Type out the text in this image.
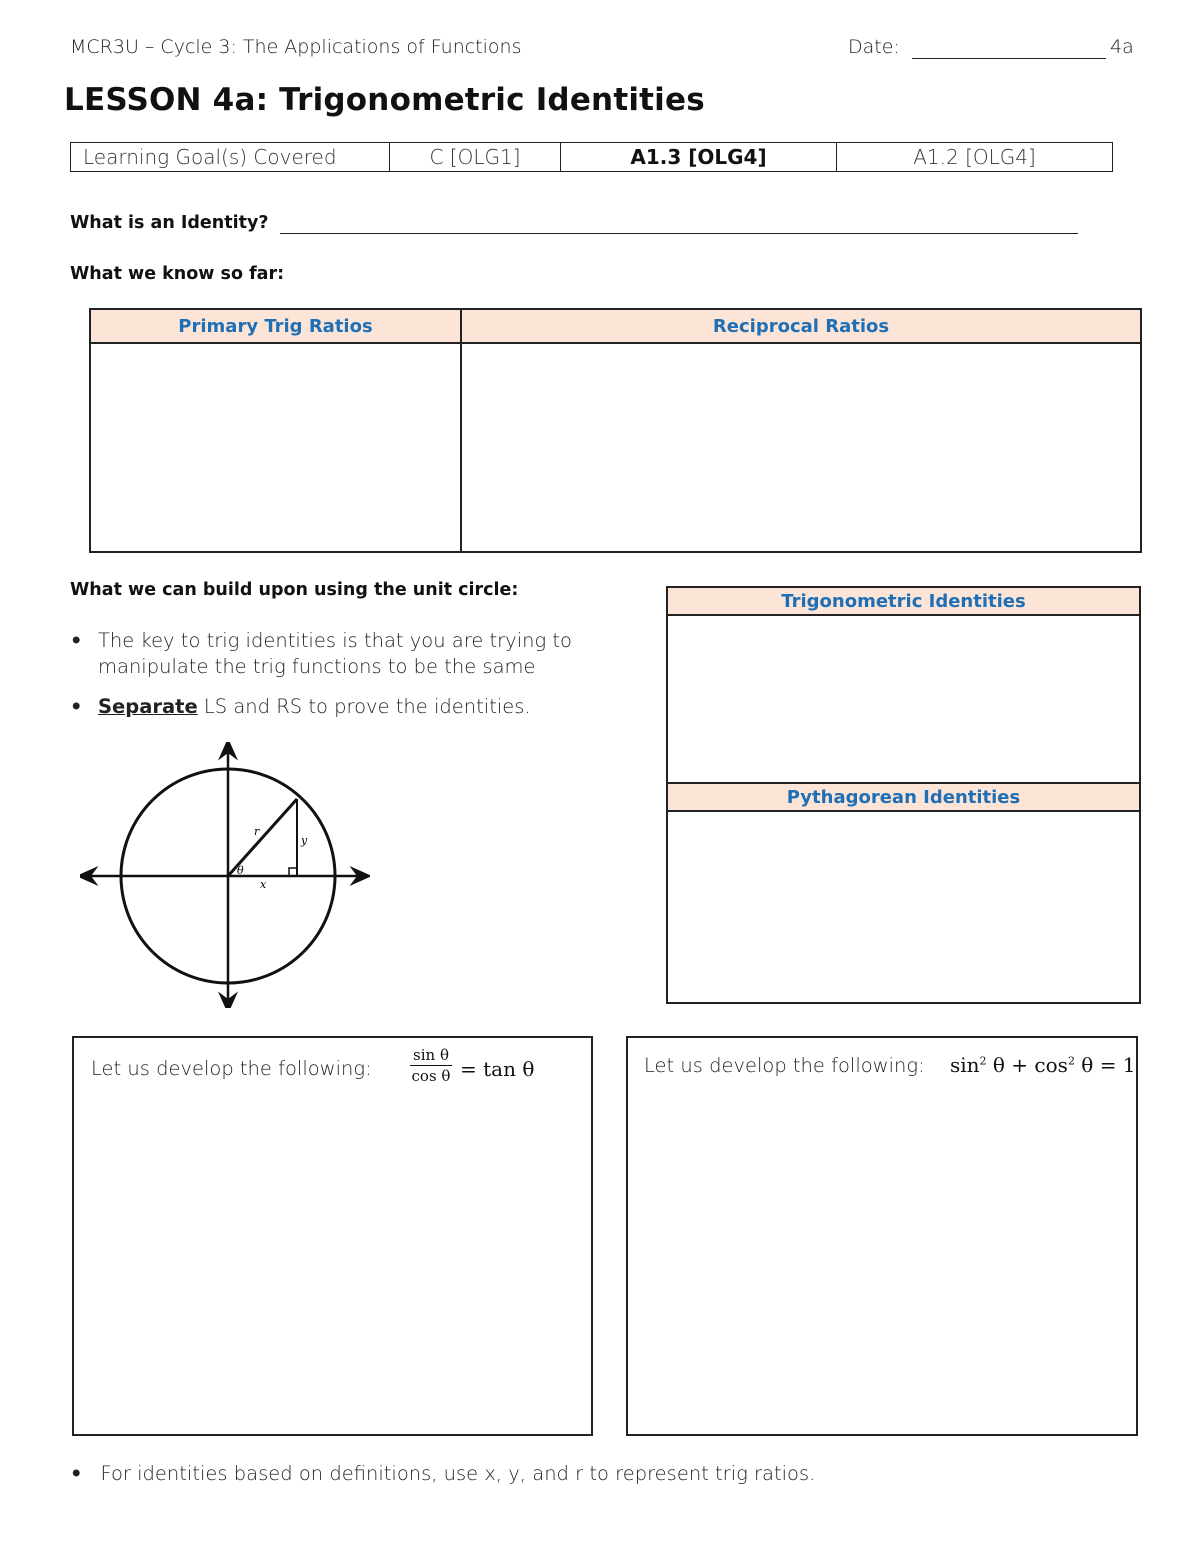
MCR3U – Cycle 3: The Applications of Functions	Date:	4a
LESSON 4a: Trigonometric Identities
Learning Goal(s) Covered	C [OLG1]	A1.3 [OLG4]	A1.2 [OLG4]
What is an Identity?
What we know so far:
Primary Trig Ratios	Reciprocal Ratios
What we can build upon using the unit circle:
• The key to trig identities is that you are trying to manipulate the trig functions to be the same
• Separate LS and RS to prove the identities.
r
y
x
θ
Trigonometric Identities
Pythagorean Identities
Let us develop the following:	$\frac{\text{sin θ}}{\text{cos θ}} = \tan \theta$	Let us develop the following: $\sin^2 \theta + \cos^2 \theta = 1$
• For identities based on definitions, use x, y, and r to represent trig ratios.
